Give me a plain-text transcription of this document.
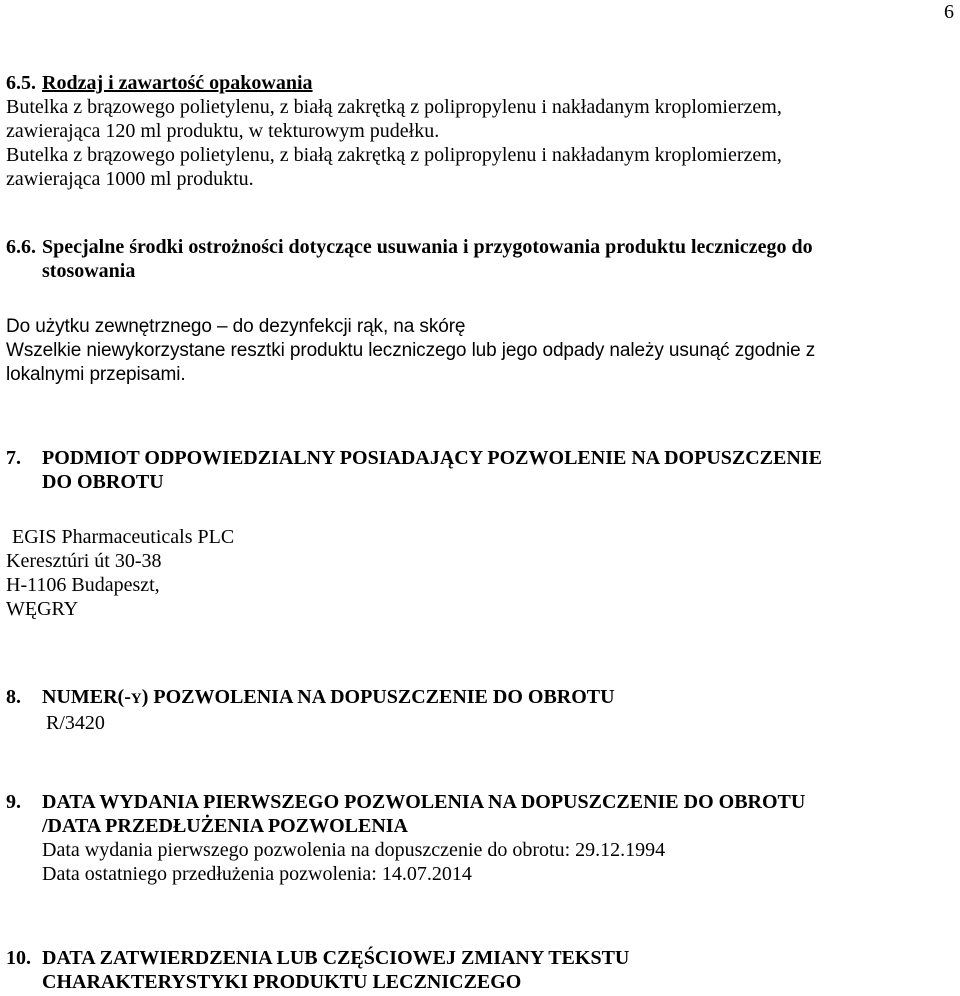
6
6.5. Rodzaj i zawartość opakowania
Butelka z brązowego polietylenu, z białą zakrętką z polipropylenu i nakładanym kroplomierzem,
zawierająca 120 ml produktu, w tekturowym pudełku.
Butelka z brązowego polietylenu, z białą zakrętką z polipropylenu i nakładanym kroplomierzem,
zawierająca 1000 ml produktu.
6.6. Specjalne środki ostrożności dotyczące usuwania i przygotowania produktu leczniczego do
stosowania
Do użytku zewnętrznego – do dezynfekcji rąk, na skórę
Wszelkie niewykorzystane resztki produktu leczniczego lub jego odpady należy usunąć zgodnie z
lokalnymi przepisami.
7. PODMIOT ODPOWIEDZIALNY POSIADAJĄCY POZWOLENIE NA DOPUSZCZENIE
DO OBROTU
EGIS Pharmaceuticals PLC
Keresztúri út 30-38
H-1106 Budapeszt,
WĘGRY
8. NUMER(-Y) POZWOLENIA NA DOPUSZCZENIE DO OBROTU
R/3420
9. DATA WYDANIA PIERWSZEGO POZWOLENIA NA DOPUSZCZENIE DO OBROTU
/DATA PRZEDŁUŻENIA POZWOLENIA
Data wydania pierwszego pozwolenia na dopuszczenie do obrotu: 29.12.1994
Data ostatniego przedłużenia pozwolenia: 14.07.2014
10. DATA ZATWIERDZENIA LUB CZĘŚCIOWEJ ZMIANY TEKSTU
CHARAKTERYSTYKI PRODUKTU LECZNICZEGO
